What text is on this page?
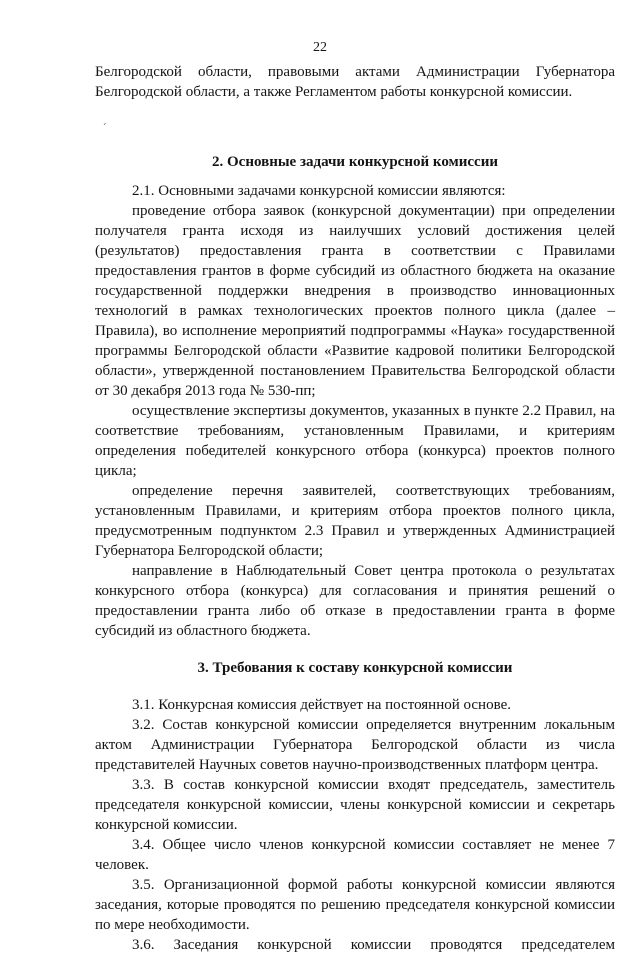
22
ˊ

Белгородской области, правовыми актами Администрации Губернатора Белгородской области, а также Регламентом работы конкурсной комиссии.

2. Основные задачи конкурсной комиссии

2.1. Основными задачами конкурсной комиссии являются:

проведение отбора заявок (конкурсной документации) при определении получателя гранта исходя из наилучших условий достижения целей (результатов) предоставления гранта в соответствии с Правилами предоставления грантов в форме субсидий из областного бюджета на оказание государственной поддержки внедрения в производство инновационных технологий в рамках технологических проектов полного цикла (далее – Правила), во исполнение мероприятий подпрограммы «Наука» государственной программы Белгородской области «Развитие кадровой политики Белгородской области», утвержденной постановлением Правительства Белгородской области от 30 декабря 2013 года № 530-пп;

осуществление экспертизы документов, указанных в пункте 2.2 Правил, на соответствие требованиям, установленным Правилами, и критериям определения победителей конкурсного отбора (конкурса) проектов полного цикла;

определение перечня заявителей, соответствующих требованиям, установленным Правилами, и критериям отбора проектов полного цикла, предусмотренным подпунктом 2.3 Правил и утвержденных Администрацией Губернатора Белгородской области;

направление в Наблюдательный Совет центра протокола о результатах конкурсного отбора (конкурса) для согласования и принятия решений о предоставлении гранта либо об отказе в предоставлении гранта в форме субсидий из областного бюджета.

3. Требования к составу конкурсной комиссии

3.1. Конкурсная комиссия действует на постоянной основе.

3.2. Состав конкурсной комиссии определяется внутренним локальным актом Администрации Губернатора Белгородской области из числа представителей Научных советов научно-производственных платформ центра.

3.3. В состав конкурсной комиссии входят председатель, заместитель председателя конкурсной комиссии, члены конкурсной комиссии и секретарь конкурсной комиссии.

3.4. Общее число членов конкурсной комиссии составляет не менее 7 человек.

3.5. Организационной формой работы конкурсной комиссии являются заседания, которые проводятся по решению председателя конкурсной комиссии по мере необходимости.

3.6. Заседания конкурсной комиссии проводятся председателем
